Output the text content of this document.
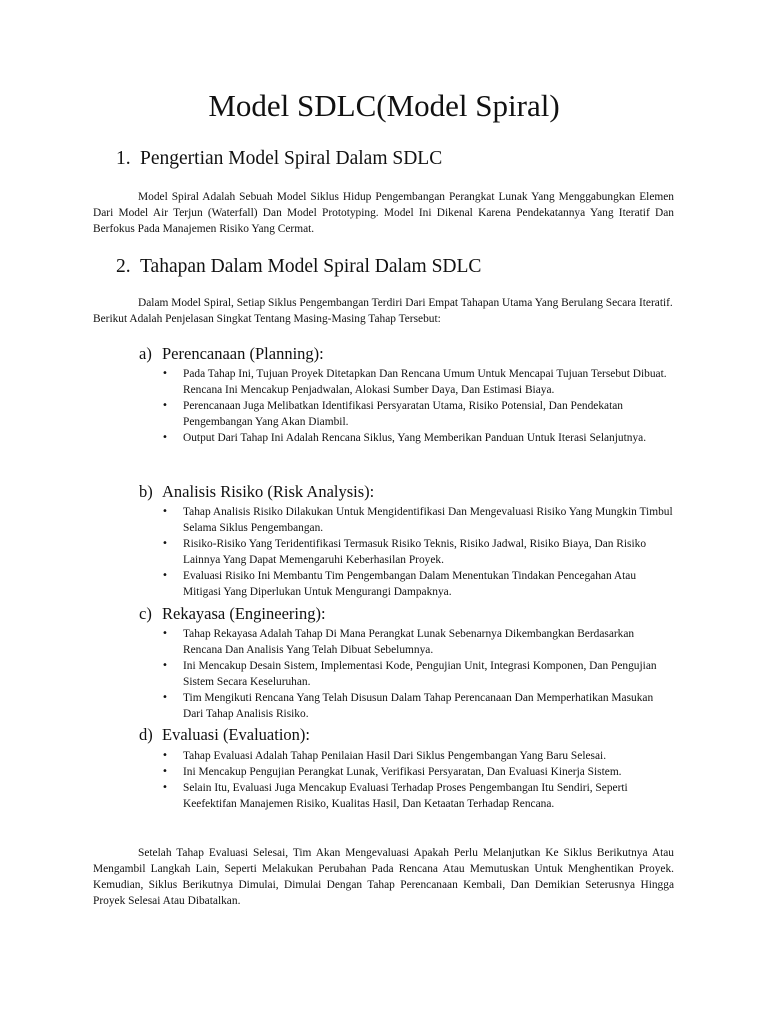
Model SDLC(Model Spiral)
1. Pengertian Model Spiral Dalam SDLC

Model Spiral Adalah Sebuah Model Siklus Hidup Pengembangan Perangkat Lunak Yang Menggabungkan Elemen Dari Model Air Terjun (Waterfall) Dan Model Prototyping. Model Ini Dikenal Karena Pendekatannya Yang Iteratif Dan Berfokus Pada Manajemen Risiko Yang Cermat.

2. Tahapan Dalam Model Spiral Dalam SDLC

Dalam Model Spiral, Setiap Siklus Pengembangan Terdiri Dari Empat Tahapan Utama Yang Berulang Secara Iteratif. Berikut Adalah Penjelasan Singkat Tentang Masing-Masing Tahap Tersebut:

a) Perencanaan (Planning):
• Pada Tahap Ini, Tujuan Proyek Ditetapkan Dan Rencana Umum Untuk Mencapai Tujuan Tersebut Dibuat. Rencana Ini Mencakup Penjadwalan, Alokasi Sumber Daya, Dan Estimasi Biaya.
• Perencanaan Juga Melibatkan Identifikasi Persyaratan Utama, Risiko Potensial, Dan Pendekatan Pengembangan Yang Akan Diambil.
• Output Dari Tahap Ini Adalah Rencana Siklus, Yang Memberikan Panduan Untuk Iterasi Selanjutnya.
b) Analisis Risiko (Risk Analysis):
• Tahap Analisis Risiko Dilakukan Untuk Mengidentifikasi Dan Mengevaluasi Risiko Yang Mungkin Timbul Selama Siklus Pengembangan.
• Risiko-Risiko Yang Teridentifikasi Termasuk Risiko Teknis, Risiko Jadwal, Risiko Biaya, Dan Risiko Lainnya Yang Dapat Memengaruhi Keberhasilan Proyek.
• Evaluasi Risiko Ini Membantu Tim Pengembangan Dalam Menentukan Tindakan Pencegahan Atau Mitigasi Yang Diperlukan Untuk Mengurangi Dampaknya.
c) Rekayasa (Engineering):
• Tahap Rekayasa Adalah Tahap Di Mana Perangkat Lunak Sebenarnya Dikembangkan Berdasarkan Rencana Dan Analisis Yang Telah Dibuat Sebelumnya.
• Ini Mencakup Desain Sistem, Implementasi Kode, Pengujian Unit, Integrasi Komponen, Dan Pengujian Sistem Secara Keseluruhan.
• Tim Mengikuti Rencana Yang Telah Disusun Dalam Tahap Perencanaan Dan Memperhatikan Masukan Dari Tahap Analisis Risiko.
d) Evaluasi (Evaluation):
• Tahap Evaluasi Adalah Tahap Penilaian Hasil Dari Siklus Pengembangan Yang Baru Selesai.
• Ini Mencakup Pengujian Perangkat Lunak, Verifikasi Persyaratan, Dan Evaluasi Kinerja Sistem.
• Selain Itu, Evaluasi Juga Mencakup Evaluasi Terhadap Proses Pengembangan Itu Sendiri, Seperti Keefektifan Manajemen Risiko, Kualitas Hasil, Dan Ketaatan Terhadap Rencana.

Setelah Tahap Evaluasi Selesai, Tim Akan Mengevaluasi Apakah Perlu Melanjutkan Ke Siklus Berikutnya Atau Mengambil Langkah Lain, Seperti Melakukan Perubahan Pada Rencana Atau Memutuskan Untuk Menghentikan Proyek. Kemudian, Siklus Berikutnya Dimulai, Dimulai Dengan Tahap Perencanaan Kembali, Dan Demikian Seterusnya Hingga Proyek Selesai Atau Dibatalkan.
